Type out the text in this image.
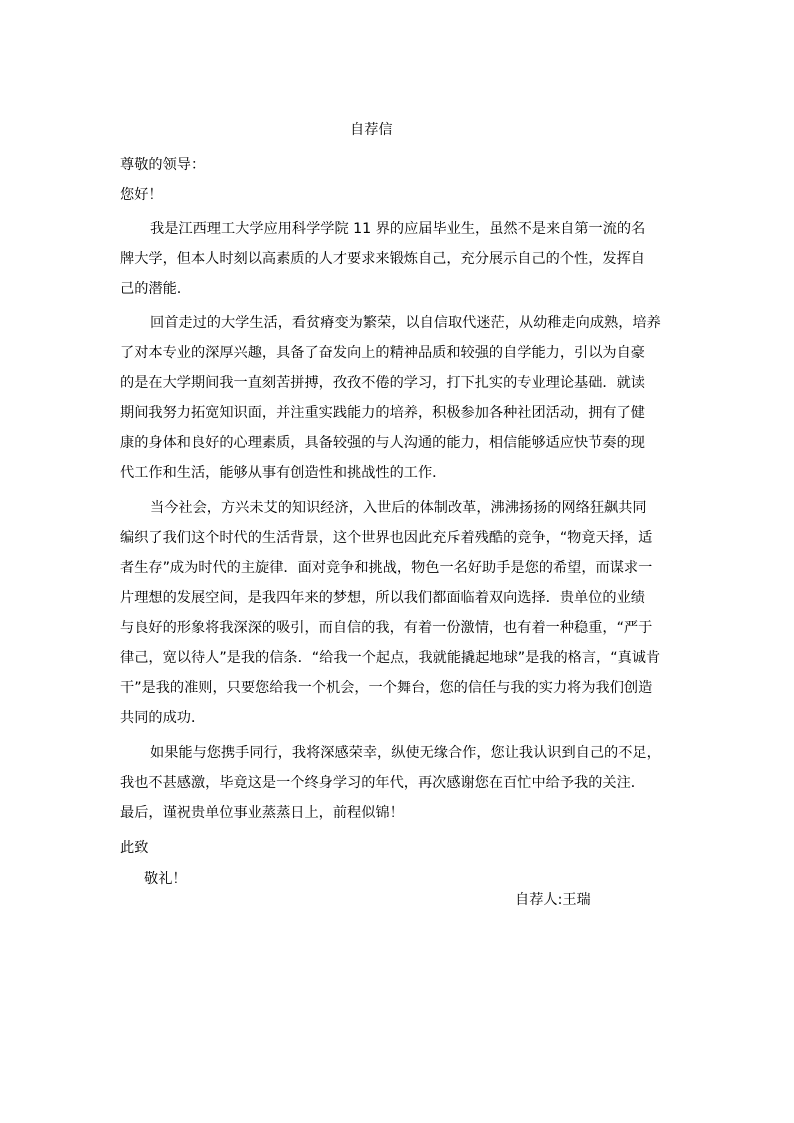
自荐信
尊敬的领导：
您好！
我是江西理工大学应用科学学院 11 界的应届毕业生，虽然不是来自第一流的名
牌大学，但本人时刻以高素质的人才要求来锻炼自己，充分展示自己的个性，发挥自
己的潜能.
回首走过的大学生活，看贫瘠变为繁荣，以自信取代迷茫，从幼稚走向成熟，培养
了对本专业的深厚兴趣，具备了奋发向上的精神品质和较强的自学能力，引以为自豪
的是在大学期间我一直刻苦拼搏，孜孜不倦的学习，打下扎实的专业理论基础．就读
期间我努力拓宽知识面，并注重实践能力的培养，积极参加各种社团活动，拥有了健
康的身体和良好的心理素质，具备较强的与人沟通的能力，相信能够适应快节奏的现
代工作和生活，能够从事有创造性和挑战性的工作．
当今社会，方兴未艾的知识经济，入世后的体制改革，沸沸扬扬的网络狂飙共同
编织了我们这个时代的生活背景，这个世界也因此充斥着残酷的竞争，“物竟天择，适
者生存”成为时代的主旋律．面对竞争和挑战，物色一名好助手是您的希望，而谋求一
片理想的发展空间，是我四年来的梦想，所以我们都面临着双向选择．贵单位的业绩
与良好的形象将我深深的吸引，而自信的我，有着一份激情，也有着一种稳重，“严于
律己，宽以待人”是我的信条．“给我一个起点，我就能撬起地球”是我的格言，“真诚肯
干”是我的准则，只要您给我一个机会，一个舞台，您的信任与我的实力将为我们创造
共同的成功．
如果能与您携手同行，我将深感荣幸，纵使无缘合作，您让我认识到自己的不足，
我也不甚感激，毕竟这是一个终身学习的年代，再次感谢您在百忙中给予我的关注．
最后，谨祝贵单位事业蒸蒸日上，前程似锦！
此致
敬礼！
自荐人:王瑞
